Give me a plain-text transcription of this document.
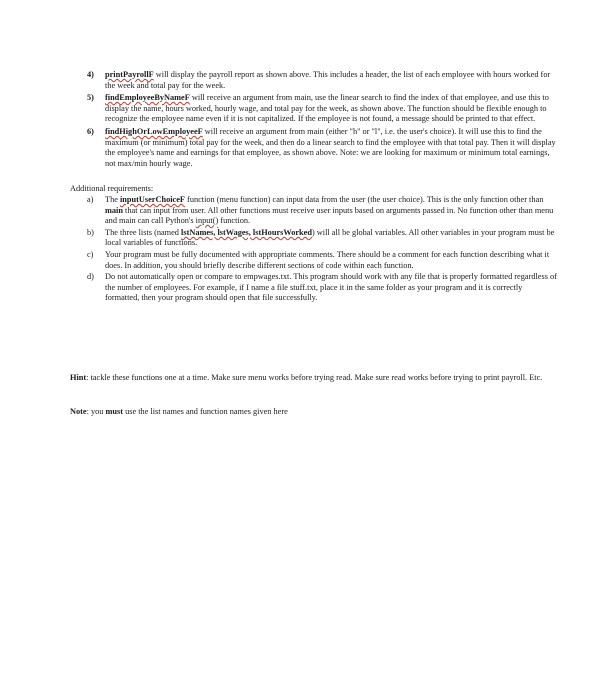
4) printPayrollF will display the payroll report as shown above. This includes a header, the list of each employee with hours worked for the week and total pay for the week.
5) findEmployeeByNameF will receive an argument from main, use the linear search to find the index of that employee, and use this to display the name, hours worked, hourly wage, and total pay for the week, as shown above. The function should be flexible enough to recognize the employee name even if it is not capitalized. If the employee is not found, a message should be printed to that effect.
6) findHighOrLowEmployeeF will receive an argument from main (either "h" or "l", i.e. the user's choice). It will use this to find the maximum (or minimum) total pay for the week, and then do a linear search to find the employee with that total pay. Then it will display the employee's name and earnings for that employee, as shown above. Note: we are looking for maximum or minimum total earnings, not max/min hourly wage.
Additional requirements:
a) The inputUserChoiceF function (menu function) can input data from the user (the user choice). This is the only function other than main that can input from user. All other functions must receive user inputs based on arguments passed in. No function other than menu and main can call Python's input() function.
b) The three lists (named lstNames, lstWages, lstHoursWorked) will all be global variables. All other variables in your program must be local variables of functions.
c) Your program must be fully documented with appropriate comments. There should be a comment for each function describing what it does. In addition, you should briefly describe different sections of code within each function.
d) Do not automatically open or compare to empwages.txt. This program should work with any file that is properly formatted regardless of the number of employees. For example, if I name a file stuff.txt, place it in the same folder as your program and it is correctly formatted, then your program should open that file successfully.

Hint: tackle these functions one at a time. Make sure menu works before trying read. Make sure read works before trying to print payroll. Etc.

Note: you must use the list names and function names given here
